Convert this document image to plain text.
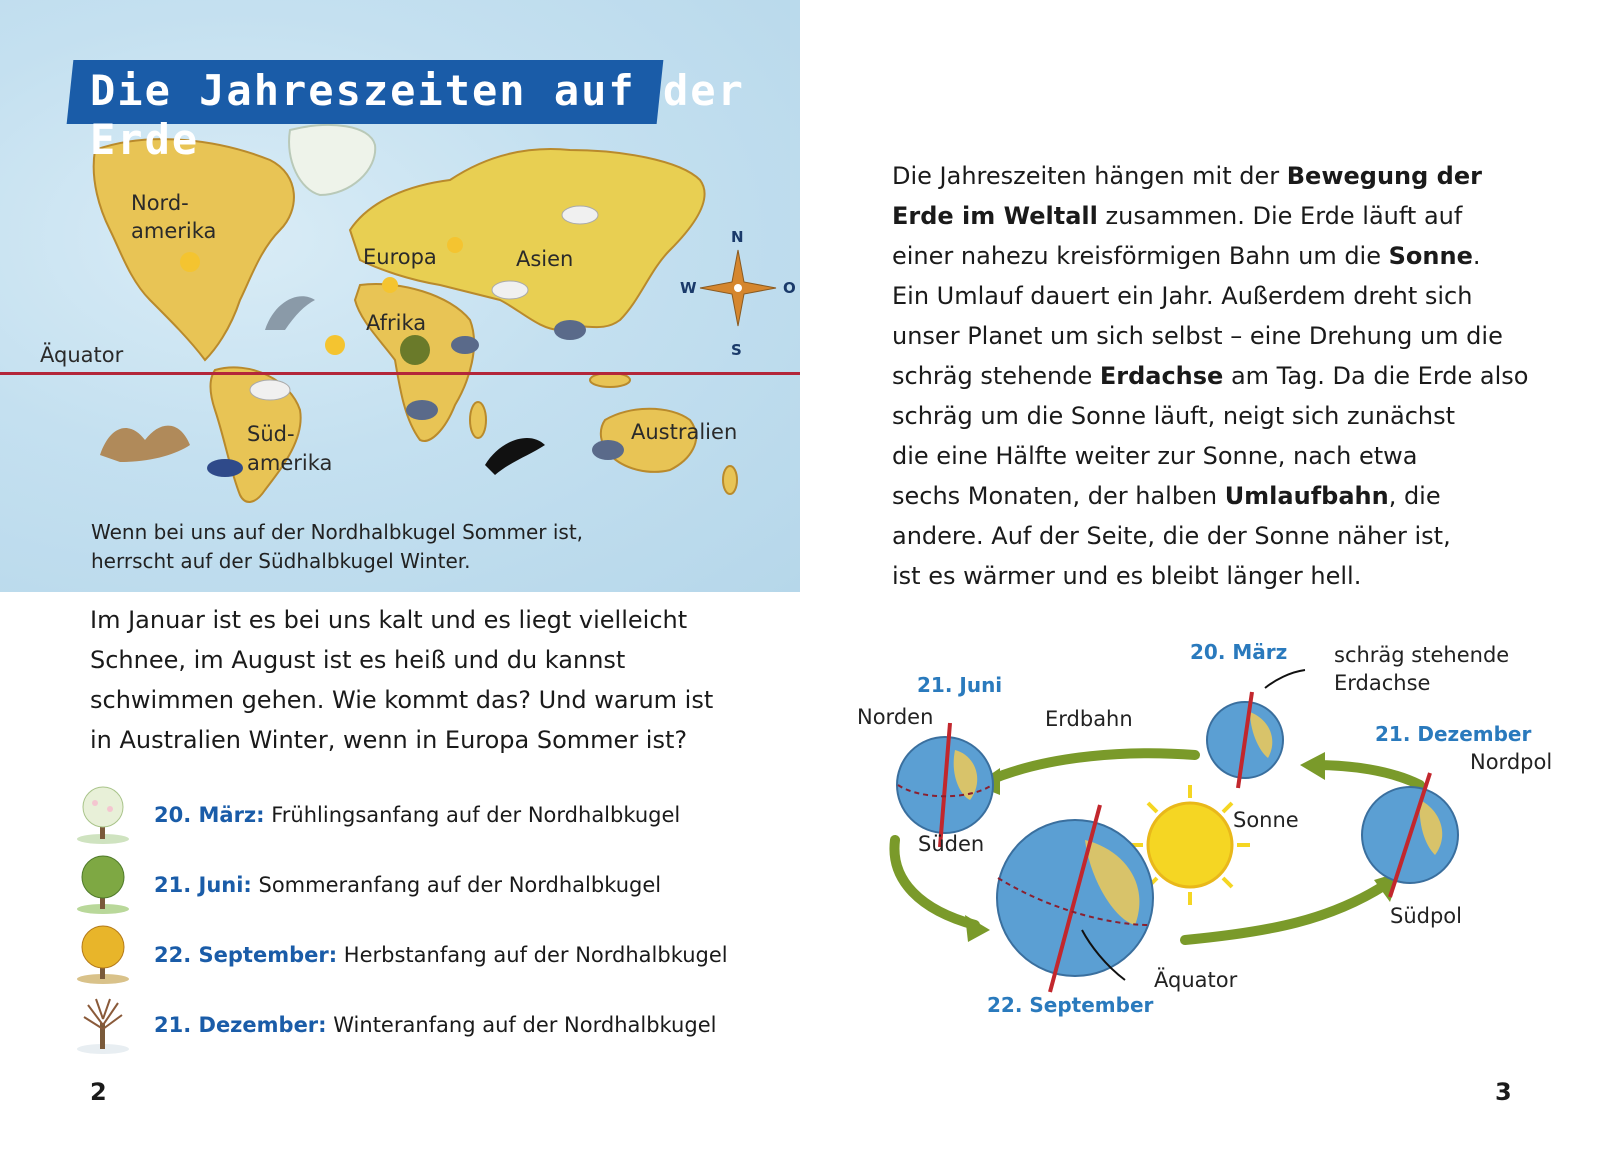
Die Jahreszeiten auf der Erde
Nord-
amerika
Europa	Asien
Afrika
Äquator
Süd-
amerika
Australien
N
S
W	O
Wenn bei uns auf der Nordhalbkugel Sommer ist,
herrscht auf der Südhalbkugel Winter.
Im Januar ist es bei uns kalt und es liegt vielleicht
Schnee, im August ist es heiß und du kannst
schwimmen gehen. Wie kommt das? Und warum ist
in Australien Winter, wenn in Europa Sommer ist?
20. März: Frühlingsanfang auf der Nordhalbkugel
21. Juni: Sommeranfang auf der Nordhalbkugel
22. September: Herbstanfang auf der Nordhalbkugel
21. Dezember: Winteranfang auf der Nordhalbkugel
2
Die Jahreszeiten hängen mit der Bewegung der
Erde im Weltall zusammen. Die Erde läuft auf
einer nahezu kreisförmigen Bahn um die Sonne.
Ein Umlauf dauert ein Jahr. Außerdem dreht sich
unser Planet um sich selbst – eine Drehung um die
schräg stehende Erdachse am Tag. Da die Erde also
schräg um die Sonne läuft, neigt sich zunächst
die eine Hälfte weiter zur Sonne, nach etwa
sechs Monaten, der halben Umlaufbahn, die
andere. Auf der Seite, die der Sonne näher ist,
ist es wärmer und es bleibt länger hell.
20. März
21. Juni
21. Dezember
22. September
schräg stehende
Erdachse
Norden	Erdbahn
Nordpol
Sonne
Süden
Südpol
Äquator
3
